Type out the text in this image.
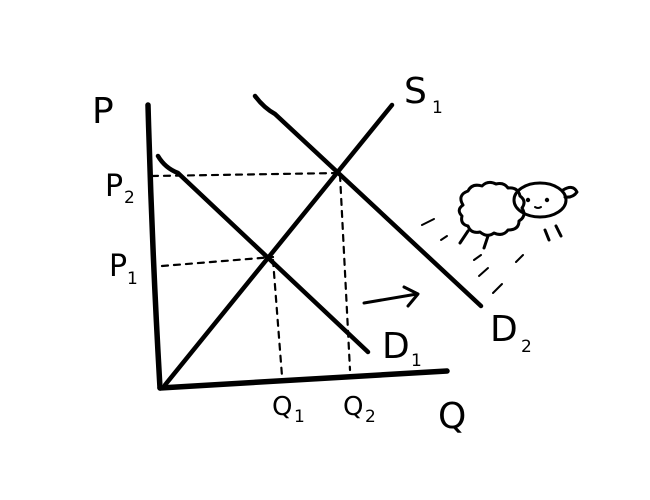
P
Q
P 2
P 1
Q 1 Q 2
S 1
D 1
D 2
